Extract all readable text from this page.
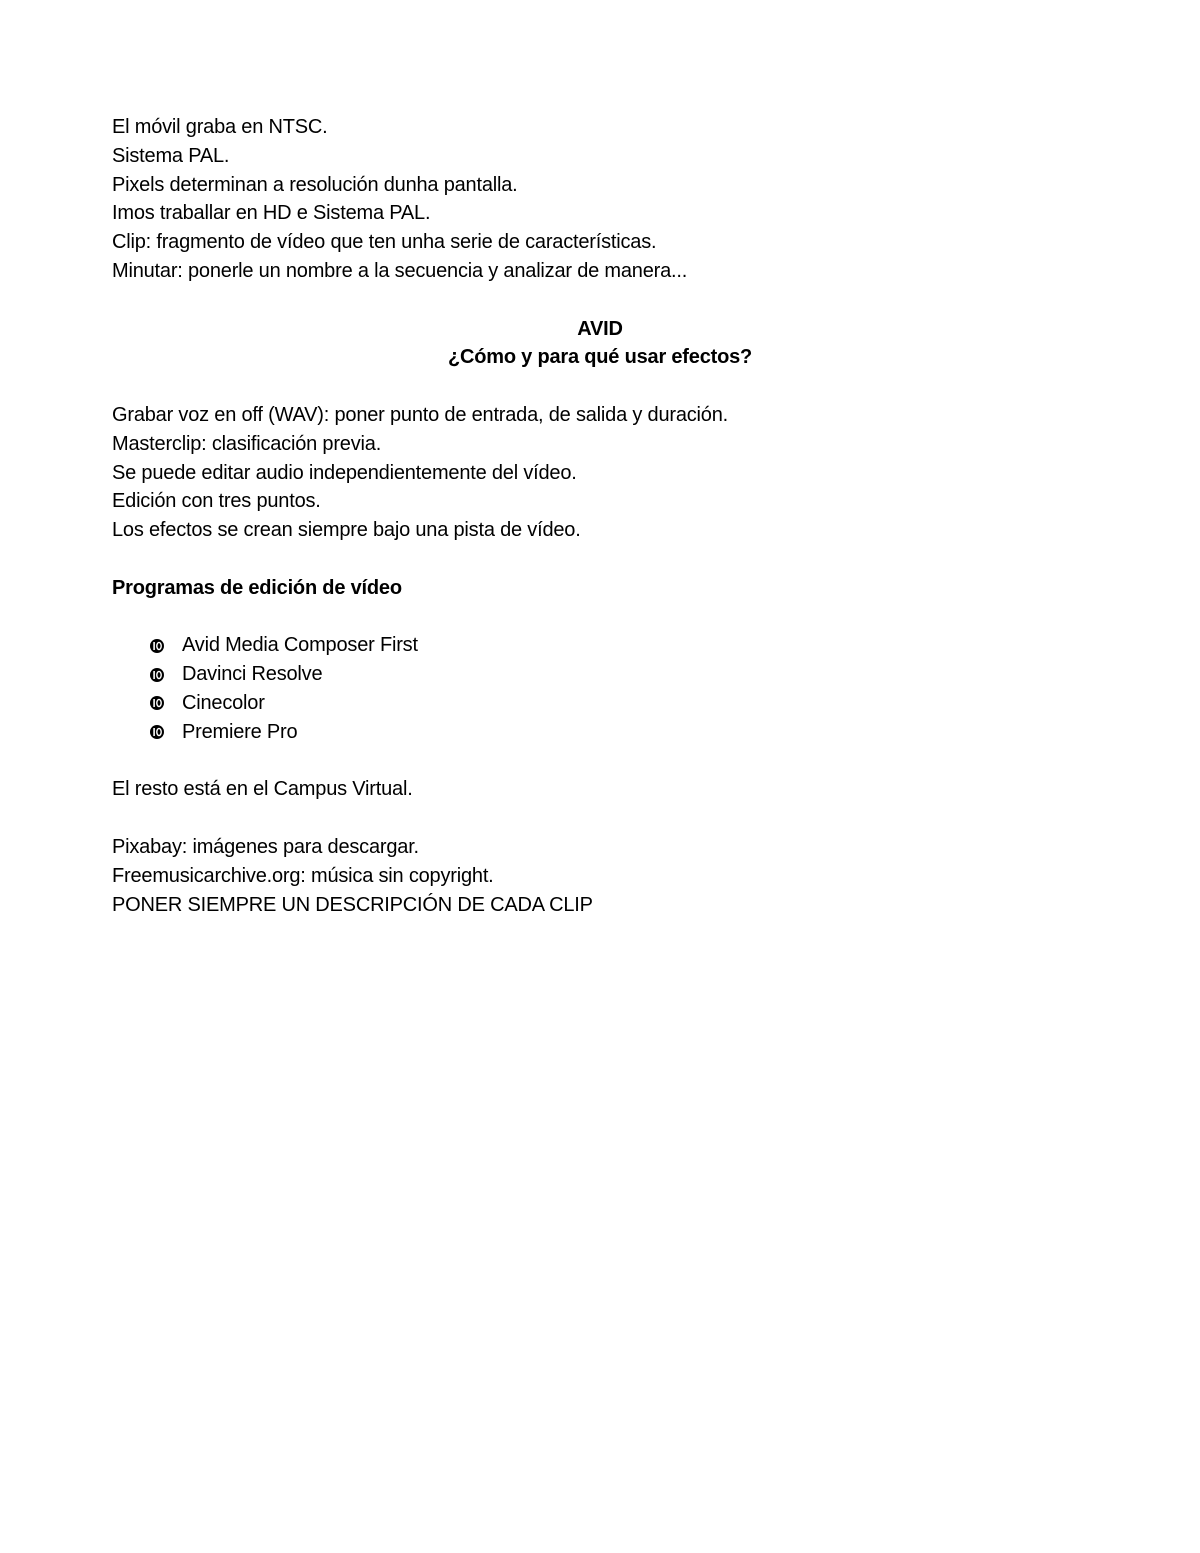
El móvil graba en NTSC.

Sistema PAL.

Pixels determinan a resolución dunha pantalla.

Imos traballar en HD e Sistema PAL.

Clip: fragmento de vídeo que ten unha serie de características.

Minutar: ponerle un nombre a la secuencia y analizar de manera...

AVID

¿Cómo y para qué usar efectos?

Grabar voz en off (WAV): poner punto de entrada, de salida y duración.

Masterclip: clasificación previa.

Se puede editar audio independientemente del vídeo.

Edición con tres puntos.

Los efectos se crean siempre bajo una pista de vídeo.

Programas de edición de vídeo

Avid Media Composer First
Davinci Resolve
Cinecolor
Premiere Pro

El resto está en el Campus Virtual.

Pixabay: imágenes para descargar.

Freemusicarchive.org: música sin copyright.

PONER SIEMPRE UN DESCRIPCIÓN DE CADA CLIP
